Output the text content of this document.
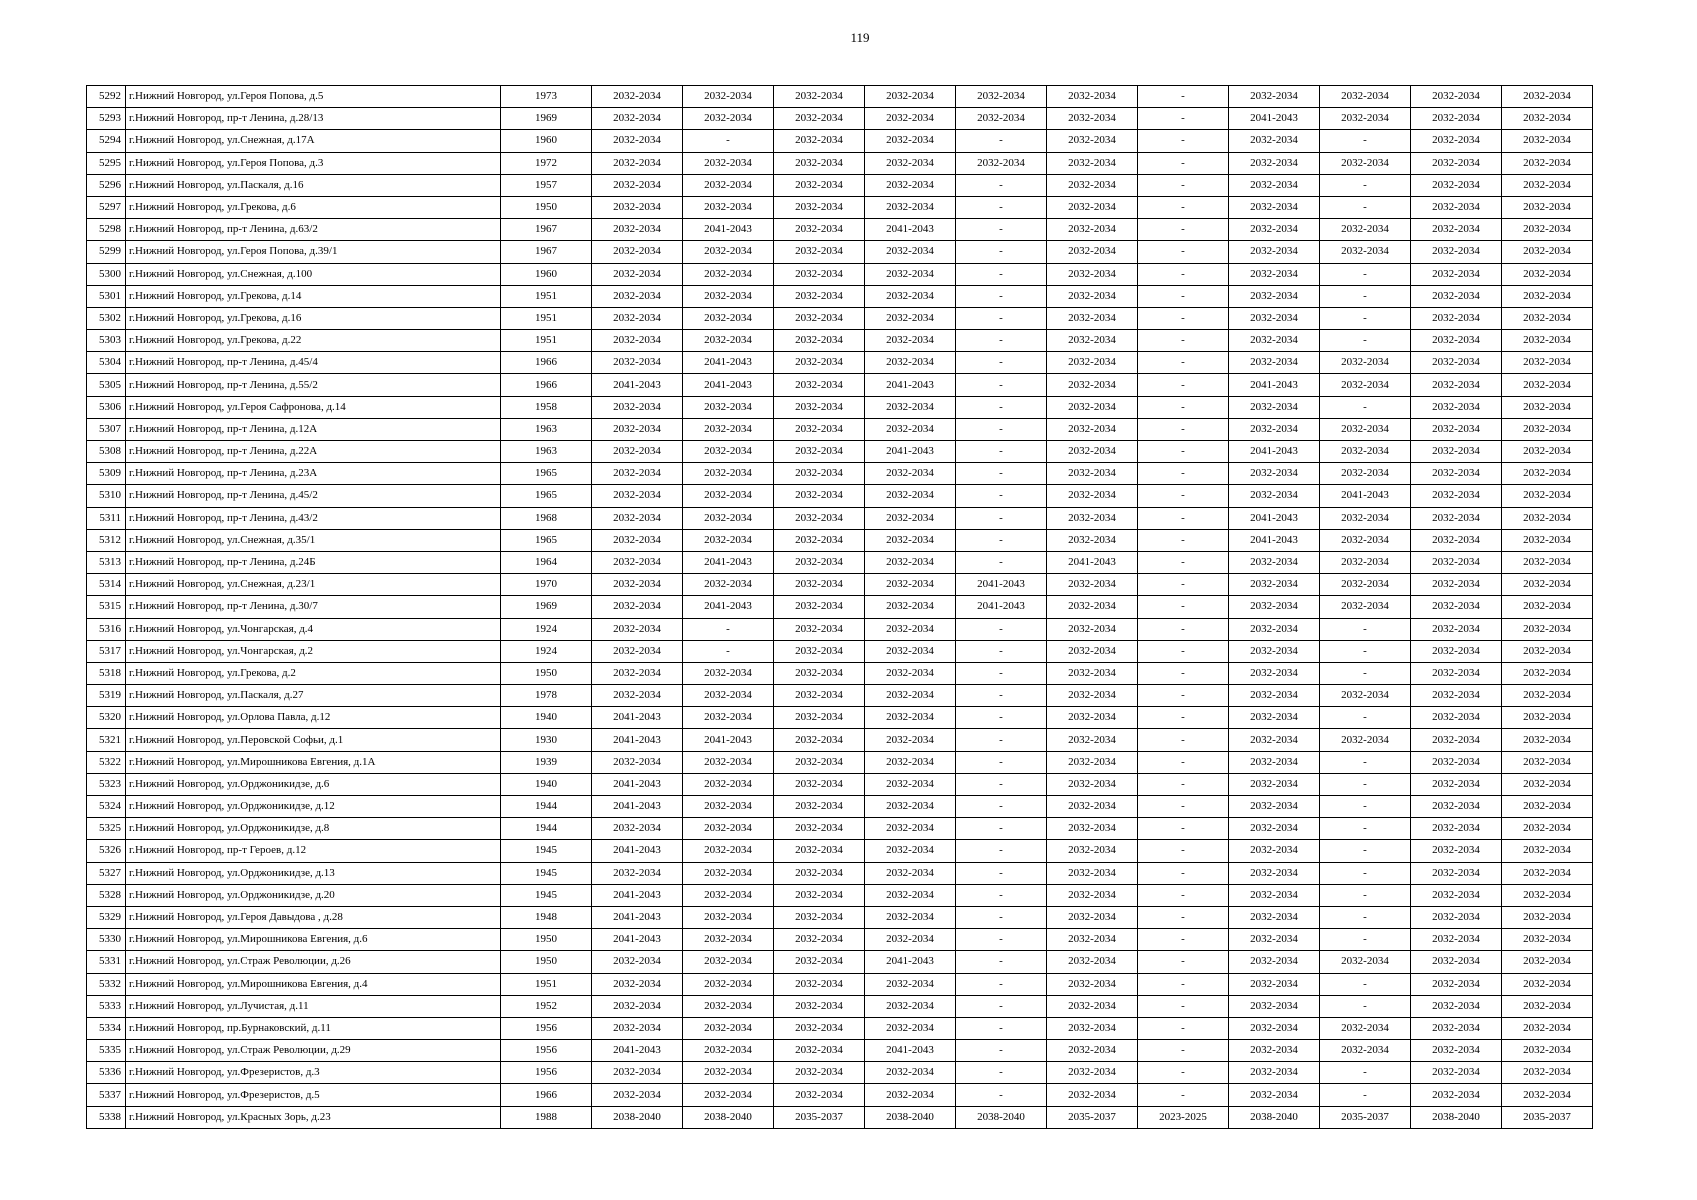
119
5292	г.Нижний Новгород, ул.Героя Попова, д.5	1973	2032-2034	2032-2034	2032-2034	2032-2034	2032-2034	2032-2034	-	2032-2034	2032-2034	2032-2034	2032-2034
5293	г.Нижний Новгород, пр-т Ленина, д.28/13	1969	2032-2034	2032-2034	2032-2034	2032-2034	2032-2034	2032-2034	-	2041-2043	2032-2034	2032-2034	2032-2034
5294	г.Нижний Новгород, ул.Снежная, д.17А	1960	2032-2034	-	2032-2034	2032-2034	-	2032-2034	-	2032-2034	-	2032-2034	2032-2034
5295	г.Нижний Новгород, ул.Героя Попова, д.3	1972	2032-2034	2032-2034	2032-2034	2032-2034	2032-2034	2032-2034	-	2032-2034	2032-2034	2032-2034	2032-2034
5296	г.Нижний Новгород, ул.Паскаля, д.16	1957	2032-2034	2032-2034	2032-2034	2032-2034	-	2032-2034	-	2032-2034	-	2032-2034	2032-2034
5297	г.Нижний Новгород, ул.Грекова, д.6	1950	2032-2034	2032-2034	2032-2034	2032-2034	-	2032-2034	-	2032-2034	-	2032-2034	2032-2034
5298	г.Нижний Новгород, пр-т Ленина, д.63/2	1967	2032-2034	2041-2043	2032-2034	2041-2043	-	2032-2034	-	2032-2034	2032-2034	2032-2034	2032-2034
5299	г.Нижний Новгород, ул.Героя Попова, д.39/1	1967	2032-2034	2032-2034	2032-2034	2032-2034	-	2032-2034	-	2032-2034	2032-2034	2032-2034	2032-2034
5300	г.Нижний Новгород, ул.Снежная, д.100	1960	2032-2034	2032-2034	2032-2034	2032-2034	-	2032-2034	-	2032-2034	-	2032-2034	2032-2034
5301	г.Нижний Новгород, ул.Грекова, д.14	1951	2032-2034	2032-2034	2032-2034	2032-2034	-	2032-2034	-	2032-2034	-	2032-2034	2032-2034
5302	г.Нижний Новгород, ул.Грекова, д.16	1951	2032-2034	2032-2034	2032-2034	2032-2034	-	2032-2034	-	2032-2034	-	2032-2034	2032-2034
5303	г.Нижний Новгород, ул.Грекова, д.22	1951	2032-2034	2032-2034	2032-2034	2032-2034	-	2032-2034	-	2032-2034	-	2032-2034	2032-2034
5304	г.Нижний Новгород, пр-т Ленина, д.45/4	1966	2032-2034	2041-2043	2032-2034	2032-2034	-	2032-2034	-	2032-2034	2032-2034	2032-2034	2032-2034
5305	г.Нижний Новгород, пр-т Ленина, д.55/2	1966	2041-2043	2041-2043	2032-2034	2041-2043	-	2032-2034	-	2041-2043	2032-2034	2032-2034	2032-2034
5306	г.Нижний Новгород, ул.Героя Сафронова, д.14	1958	2032-2034	2032-2034	2032-2034	2032-2034	-	2032-2034	-	2032-2034	-	2032-2034	2032-2034
5307	г.Нижний Новгород, пр-т Ленина, д.12А	1963	2032-2034	2032-2034	2032-2034	2032-2034	-	2032-2034	-	2032-2034	2032-2034	2032-2034	2032-2034
5308	г.Нижний Новгород, пр-т Ленина, д.22А	1963	2032-2034	2032-2034	2032-2034	2041-2043	-	2032-2034	-	2041-2043	2032-2034	2032-2034	2032-2034
5309	г.Нижний Новгород, пр-т Ленина, д.23А	1965	2032-2034	2032-2034	2032-2034	2032-2034	-	2032-2034	-	2032-2034	2032-2034	2032-2034	2032-2034
5310	г.Нижний Новгород, пр-т Ленина, д.45/2	1965	2032-2034	2032-2034	2032-2034	2032-2034	-	2032-2034	-	2032-2034	2041-2043	2032-2034	2032-2034
5311	г.Нижний Новгород, пр-т Ленина, д.43/2	1968	2032-2034	2032-2034	2032-2034	2032-2034	-	2032-2034	-	2041-2043	2032-2034	2032-2034	2032-2034
5312	г.Нижний Новгород, ул.Снежная, д.35/1	1965	2032-2034	2032-2034	2032-2034	2032-2034	-	2032-2034	-	2041-2043	2032-2034	2032-2034	2032-2034
5313	г.Нижний Новгород, пр-т Ленина, д.24Б	1964	2032-2034	2041-2043	2032-2034	2032-2034	-	2041-2043	-	2032-2034	2032-2034	2032-2034	2032-2034
5314	г.Нижний Новгород, ул.Снежная, д.23/1	1970	2032-2034	2032-2034	2032-2034	2032-2034	2041-2043	2032-2034	-	2032-2034	2032-2034	2032-2034	2032-2034
5315	г.Нижний Новгород, пр-т Ленина, д.30/7	1969	2032-2034	2041-2043	2032-2034	2032-2034	2041-2043	2032-2034	-	2032-2034	2032-2034	2032-2034	2032-2034
5316	г.Нижний Новгород, ул.Чонгарская, д.4	1924	2032-2034	-	2032-2034	2032-2034	-	2032-2034	-	2032-2034	-	2032-2034	2032-2034
5317	г.Нижний Новгород, ул.Чонгарская, д.2	1924	2032-2034	-	2032-2034	2032-2034	-	2032-2034	-	2032-2034	-	2032-2034	2032-2034
5318	г.Нижний Новгород, ул.Грекова, д.2	1950	2032-2034	2032-2034	2032-2034	2032-2034	-	2032-2034	-	2032-2034	-	2032-2034	2032-2034
5319	г.Нижний Новгород, ул.Паскаля, д.27	1978	2032-2034	2032-2034	2032-2034	2032-2034	-	2032-2034	-	2032-2034	2032-2034	2032-2034	2032-2034
5320	г.Нижний Новгород, ул.Орлова Павла, д.12	1940	2041-2043	2032-2034	2032-2034	2032-2034	-	2032-2034	-	2032-2034	-	2032-2034	2032-2034
5321	г.Нижний Новгород, ул.Перовской Софьи, д.1	1930	2041-2043	2041-2043	2032-2034	2032-2034	-	2032-2034	-	2032-2034	2032-2034	2032-2034	2032-2034
5322	г.Нижний Новгород, ул.Мирошникова Евгения, д.1А	1939	2032-2034	2032-2034	2032-2034	2032-2034	-	2032-2034	-	2032-2034	-	2032-2034	2032-2034
5323	г.Нижний Новгород, ул.Орджоникидзе, д.6	1940	2041-2043	2032-2034	2032-2034	2032-2034	-	2032-2034	-	2032-2034	-	2032-2034	2032-2034
5324	г.Нижний Новгород, ул.Орджоникидзе, д.12	1944	2041-2043	2032-2034	2032-2034	2032-2034	-	2032-2034	-	2032-2034	-	2032-2034	2032-2034
5325	г.Нижний Новгород, ул.Орджоникидзе, д.8	1944	2032-2034	2032-2034	2032-2034	2032-2034	-	2032-2034	-	2032-2034	-	2032-2034	2032-2034
5326	г.Нижний Новгород, пр-т Героев, д.12	1945	2041-2043	2032-2034	2032-2034	2032-2034	-	2032-2034	-	2032-2034	-	2032-2034	2032-2034
5327	г.Нижний Новгород, ул.Орджоникидзе, д.13	1945	2032-2034	2032-2034	2032-2034	2032-2034	-	2032-2034	-	2032-2034	-	2032-2034	2032-2034
5328	г.Нижний Новгород, ул.Орджоникидзе, д.20	1945	2041-2043	2032-2034	2032-2034	2032-2034	-	2032-2034	-	2032-2034	-	2032-2034	2032-2034
5329	г.Нижний Новгород, ул.Героя Давыдова , д.28	1948	2041-2043	2032-2034	2032-2034	2032-2034	-	2032-2034	-	2032-2034	-	2032-2034	2032-2034
5330	г.Нижний Новгород, ул.Мирошникова Евгения, д.6	1950	2041-2043	2032-2034	2032-2034	2032-2034	-	2032-2034	-	2032-2034	-	2032-2034	2032-2034
5331	г.Нижний Новгород, ул.Страж Революции, д.26	1950	2032-2034	2032-2034	2032-2034	2041-2043	-	2032-2034	-	2032-2034	2032-2034	2032-2034	2032-2034
5332	г.Нижний Новгород, ул.Мирошникова Евгения, д.4	1951	2032-2034	2032-2034	2032-2034	2032-2034	-	2032-2034	-	2032-2034	-	2032-2034	2032-2034
5333	г.Нижний Новгород, ул.Лучистая, д.11	1952	2032-2034	2032-2034	2032-2034	2032-2034	-	2032-2034	-	2032-2034	-	2032-2034	2032-2034
5334	г.Нижний Новгород, пр.Бурнаковский, д.11	1956	2032-2034	2032-2034	2032-2034	2032-2034	-	2032-2034	-	2032-2034	2032-2034	2032-2034	2032-2034
5335	г.Нижний Новгород, ул.Страж Революции, д.29	1956	2041-2043	2032-2034	2032-2034	2041-2043	-	2032-2034	-	2032-2034	2032-2034	2032-2034	2032-2034
5336	г.Нижний Новгород, ул.Фрезеристов, д.3	1956	2032-2034	2032-2034	2032-2034	2032-2034	-	2032-2034	-	2032-2034	-	2032-2034	2032-2034
5337	г.Нижний Новгород, ул.Фрезеристов, д.5	1966	2032-2034	2032-2034	2032-2034	2032-2034	-	2032-2034	-	2032-2034	-	2032-2034	2032-2034
5338	г.Нижний Новгород, ул.Красных Зорь, д.23	1988	2038-2040	2038-2040	2035-2037	2038-2040	2038-2040	2035-2037	2023-2025	2038-2040	2035-2037	2038-2040	2035-2037
